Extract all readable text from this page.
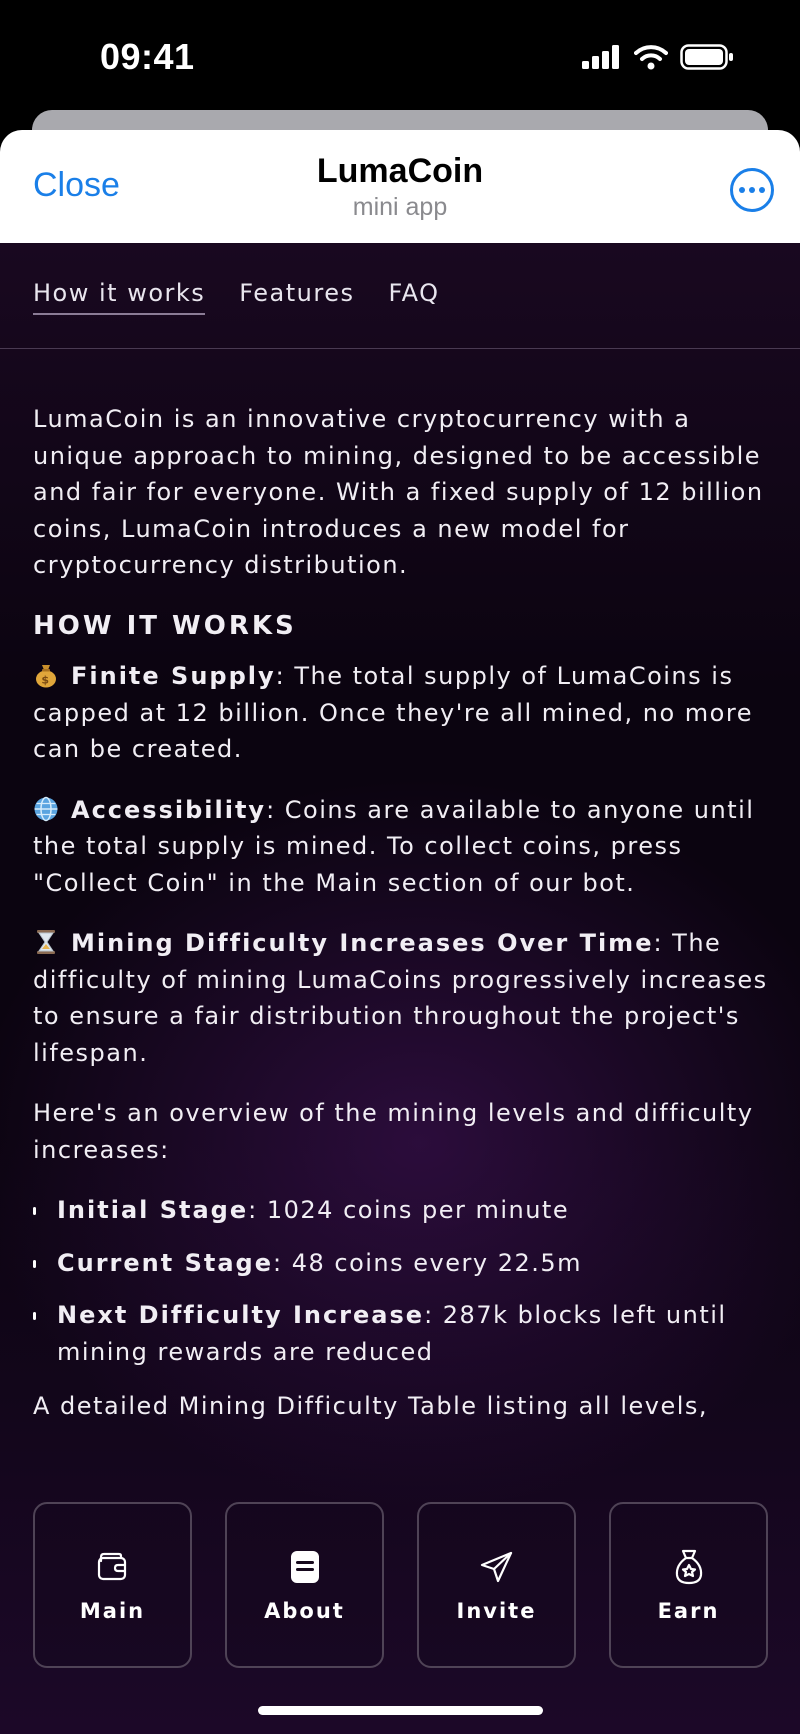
09:41
Close	LumaCoin
mini app
How it works Features FAQ

LumaCoin is an innovative cryptocurrency with a unique approach to mining, designed to be accessible and fair for everyone. With a fixed supply of 12 billion coins, LumaCoin introduces a new model for cryptocurrency distribution.

HOW IT WORKS

$ Finite Supply: The total supply of LumaCoins is capped at 12 billion. Once they're all mined, no more can be created.

Accessibility: Coins are available to anyone until the total supply is mined. To collect coins, press "Collect Coin" in the Main section of our bot.

Mining Difficulty Increases Over Time: The difficulty of mining LumaCoins progressively increases to ensure a fair distribution throughout the project's lifespan.

Here's an overview of the mining levels and difficulty increases:

Initial Stage: 1024 coins per minute
Current Stage: 48 coins every 22.5m
Next Difficulty Increase: 287k blocks left until mining rewards are reduced

A detailed Mining Difficulty Table listing all levels,

Main	About	Invite	Earn
